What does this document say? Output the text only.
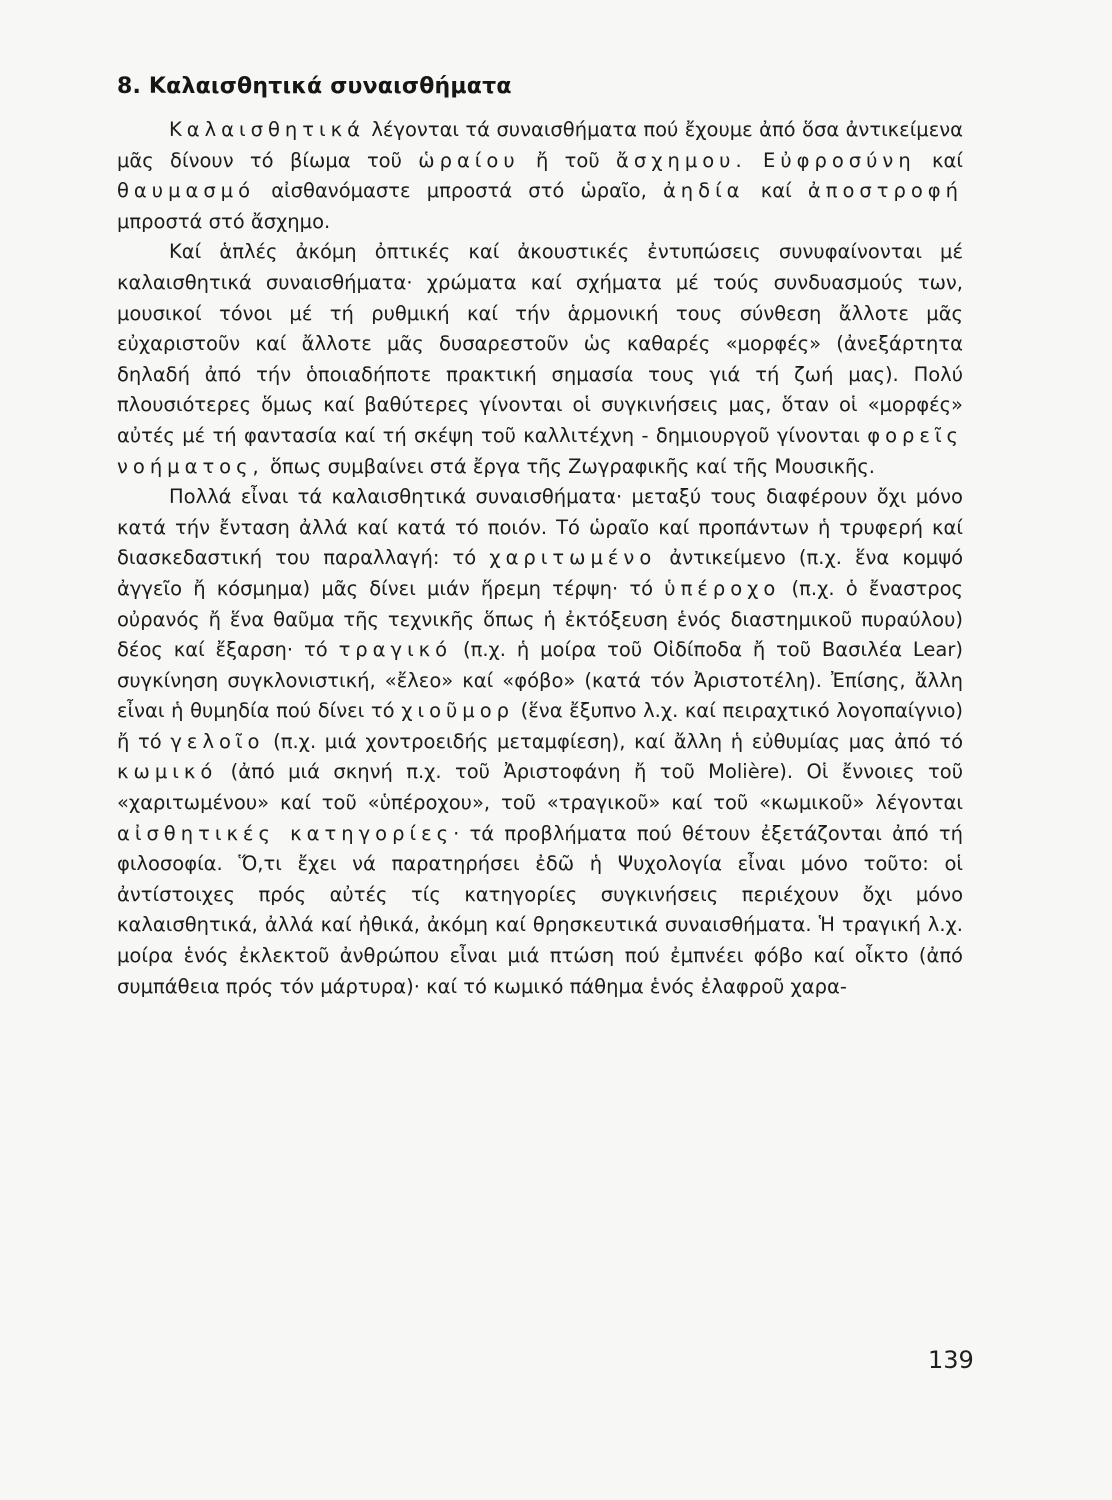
8. Καλαισθητικά συναισθήματα

Καλαισθητικά λέγονται τά συναισθήματα πού ἔχουμε ἀπό ὅσα ἀντικείμενα μᾶς δίνουν τό βίωμα τοῦ ὡραίου ἤ τοῦ ἄσχημου. Εὐφροσύνη καί θαυμασμό αἰσθανόμαστε μπροστά στό ὡραῖο, ἀηδία καί ἀποστροφή μπροστά στό ἄσχημο.

Καί ἁπλές ἀκόμη ὀπτικές καί ἀκουστικές ἐντυπώσεις συνυφαίνονται μέ καλαισθητικά συναισθήματα· χρώματα καί σχήματα μέ τούς συνδυασμούς των, μουσικοί τόνοι μέ τή ρυθμική καί τήν ἁρμονική τους σύνθεση ἄλλοτε μᾶς εὐχαριστοῦν καί ἄλλοτε μᾶς δυσαρεστοῦν ὡς καθαρές «μορφές» (ἀνεξάρτητα δηλαδή ἀπό τήν ὁποιαδήποτε πρακτική σημασία τους γιά τή ζωή μας). Πολύ πλουσιότερες ὅμως καί βαθύτερες γίνονται οἱ συγκινήσεις μας, ὅταν οἱ «μορφές» αὐτές μέ τή φαντασία καί τή σκέψη τοῦ καλλιτέχνη - δημιουργοῦ γίνονται φορεῖς νοήματος, ὅπως συμβαίνει στά ἔργα τῆς Ζωγραφικῆς καί τῆς Μουσικῆς.

Πολλά εἶναι τά καλαισθητικά συναισθήματα· μεταξύ τους διαφέρουν ὄχι μόνο κατά τήν ἔνταση ἀλλά καί κατά τό ποιόν. Τό ὡραῖο καί προπάντων ἡ τρυφερή καί διασκεδαστική του παραλλαγή: τό χαριτωμένο ἀντικείμενο (π.χ. ἕνα κομψό ἀγγεῖο ἤ κόσμημα) μᾶς δίνει μιάν ἥρεμη τέρψη· τό ὑπέροχο (π.χ. ὁ ἔναστρος οὐρανός ἤ ἕνα θαῦμα τῆς τεχνικῆς ὅπως ἡ ἐκτόξευση ἑνός διαστημικοῦ πυραύλου) δέος καί ἔξαρση· τό τραγικό (π.χ. ἡ μοίρα τοῦ Οἰδίποδα ἤ τοῦ Βασιλέα Lear) συγκίνηση συγκλονιστική, «ἔλεο» καί «φόβο» (κατά τόν Ἀριστοτέλη). Ἐπίσης, ἄλλη εἶναι ἡ θυμηδία πού δίνει τό χιοῦμορ (ἕνα ἔξυπνο λ.χ. καί πειραχτικό λογοπαίγνιο) ἤ τό γελοῖο (π.χ. μιά χοντροειδής μεταμφίεση), καί ἄλλη ἡ εὐθυμίας μας ἀπό τό κωμικό (ἀπό μιά σκηνή π.χ. τοῦ Ἀριστοφάνη ἤ τοῦ Molière). Οἱ ἔννοιες τοῦ «χαριτωμένου» καί τοῦ «ὑπέροχου», τοῦ «τραγικοῦ» καί τοῦ «κωμικοῦ» λέγονται αἰσθητικές κατηγορίες· τά προβλήματα πού θέτουν ἐξετάζονται ἀπό τή φιλοσοφία. Ὅ,τι ἔχει νά παρατηρήσει ἐδῶ ἡ Ψυχολογία εἶναι μόνο τοῦτο: οἱ ἀντίστοιχες πρός αὐτές τίς κατηγορίες συγκινήσεις περιέχουν ὄχι μόνο καλαισθητικά, ἀλλά καί ἠθικά, ἀκόμη καί θρησκευτικά συναισθήματα. Ἡ τραγική λ.χ. μοίρα ἑνός ἐκλεκτοῦ ἀνθρώπου εἶναι μιά πτώση πού ἐμπνέει φόβο καί οἶκτο (ἀπό συμπάθεια πρός τόν μάρτυρα)· καί τό κωμικό πάθημα ἑνός ἐλαφροῦ χαρα-

139
